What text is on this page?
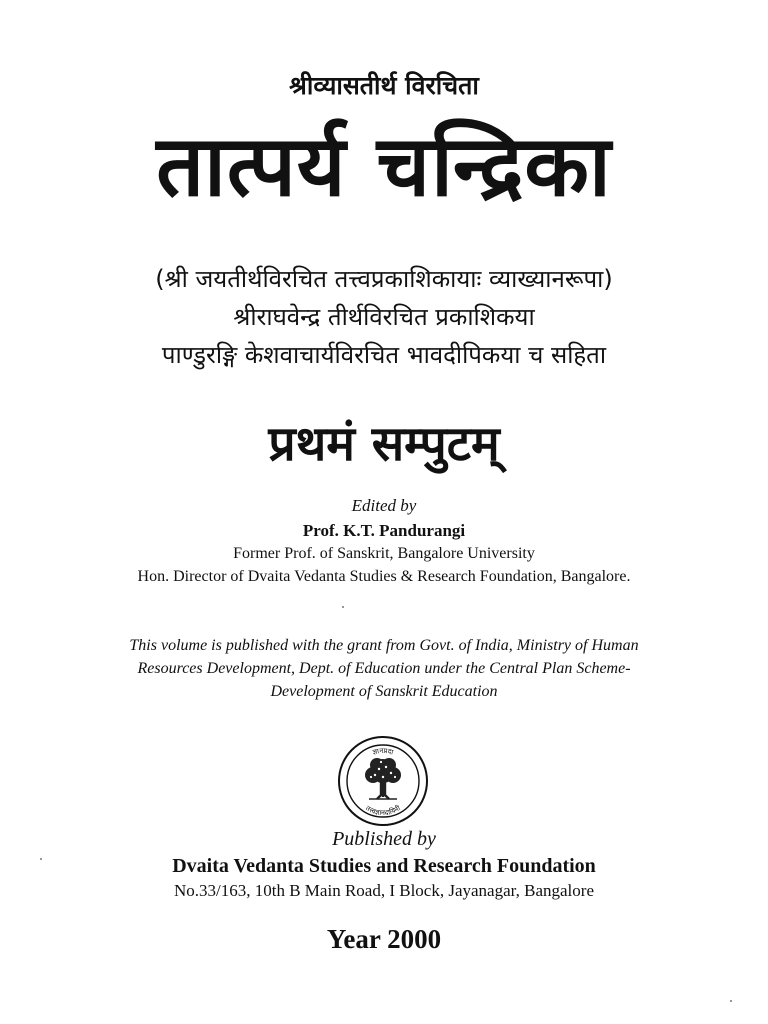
श्रीव्यासतीर्थ विरचिता
तात्पर्य चन्द्रिका
(श्री जयतीर्थविरचित तत्त्वप्रकाशिकायाः व्याख्यानरूपा)
श्रीराघवेन्द्र तीर्थविरचित प्रकाशिकया
पाण्डुरङ्गि केशवाचार्यविरचित भावदीपिकया च सहिता
प्रथमं सम्पुटम्
Edited by
Prof. K.T. Pandurangi
Former Prof. of Sanskrit, Bangalore University
Hon. Director of Dvaita Vedanta Studies & Research Foundation, Bangalore.
This volume is published with the grant from Govt. of India, Ministry of Human
Resources Development, Dept. of Education under the Central Plan Scheme-
Development of Sanskrit Education
ज्ञानप्रदा
तत्त्वज्ञानदायिनी
Published by
Dvaita Vedanta Studies and Research Foundation
No.33/163, 10th B Main Road, I Block, Jayanagar, Bangalore
Year 2000
